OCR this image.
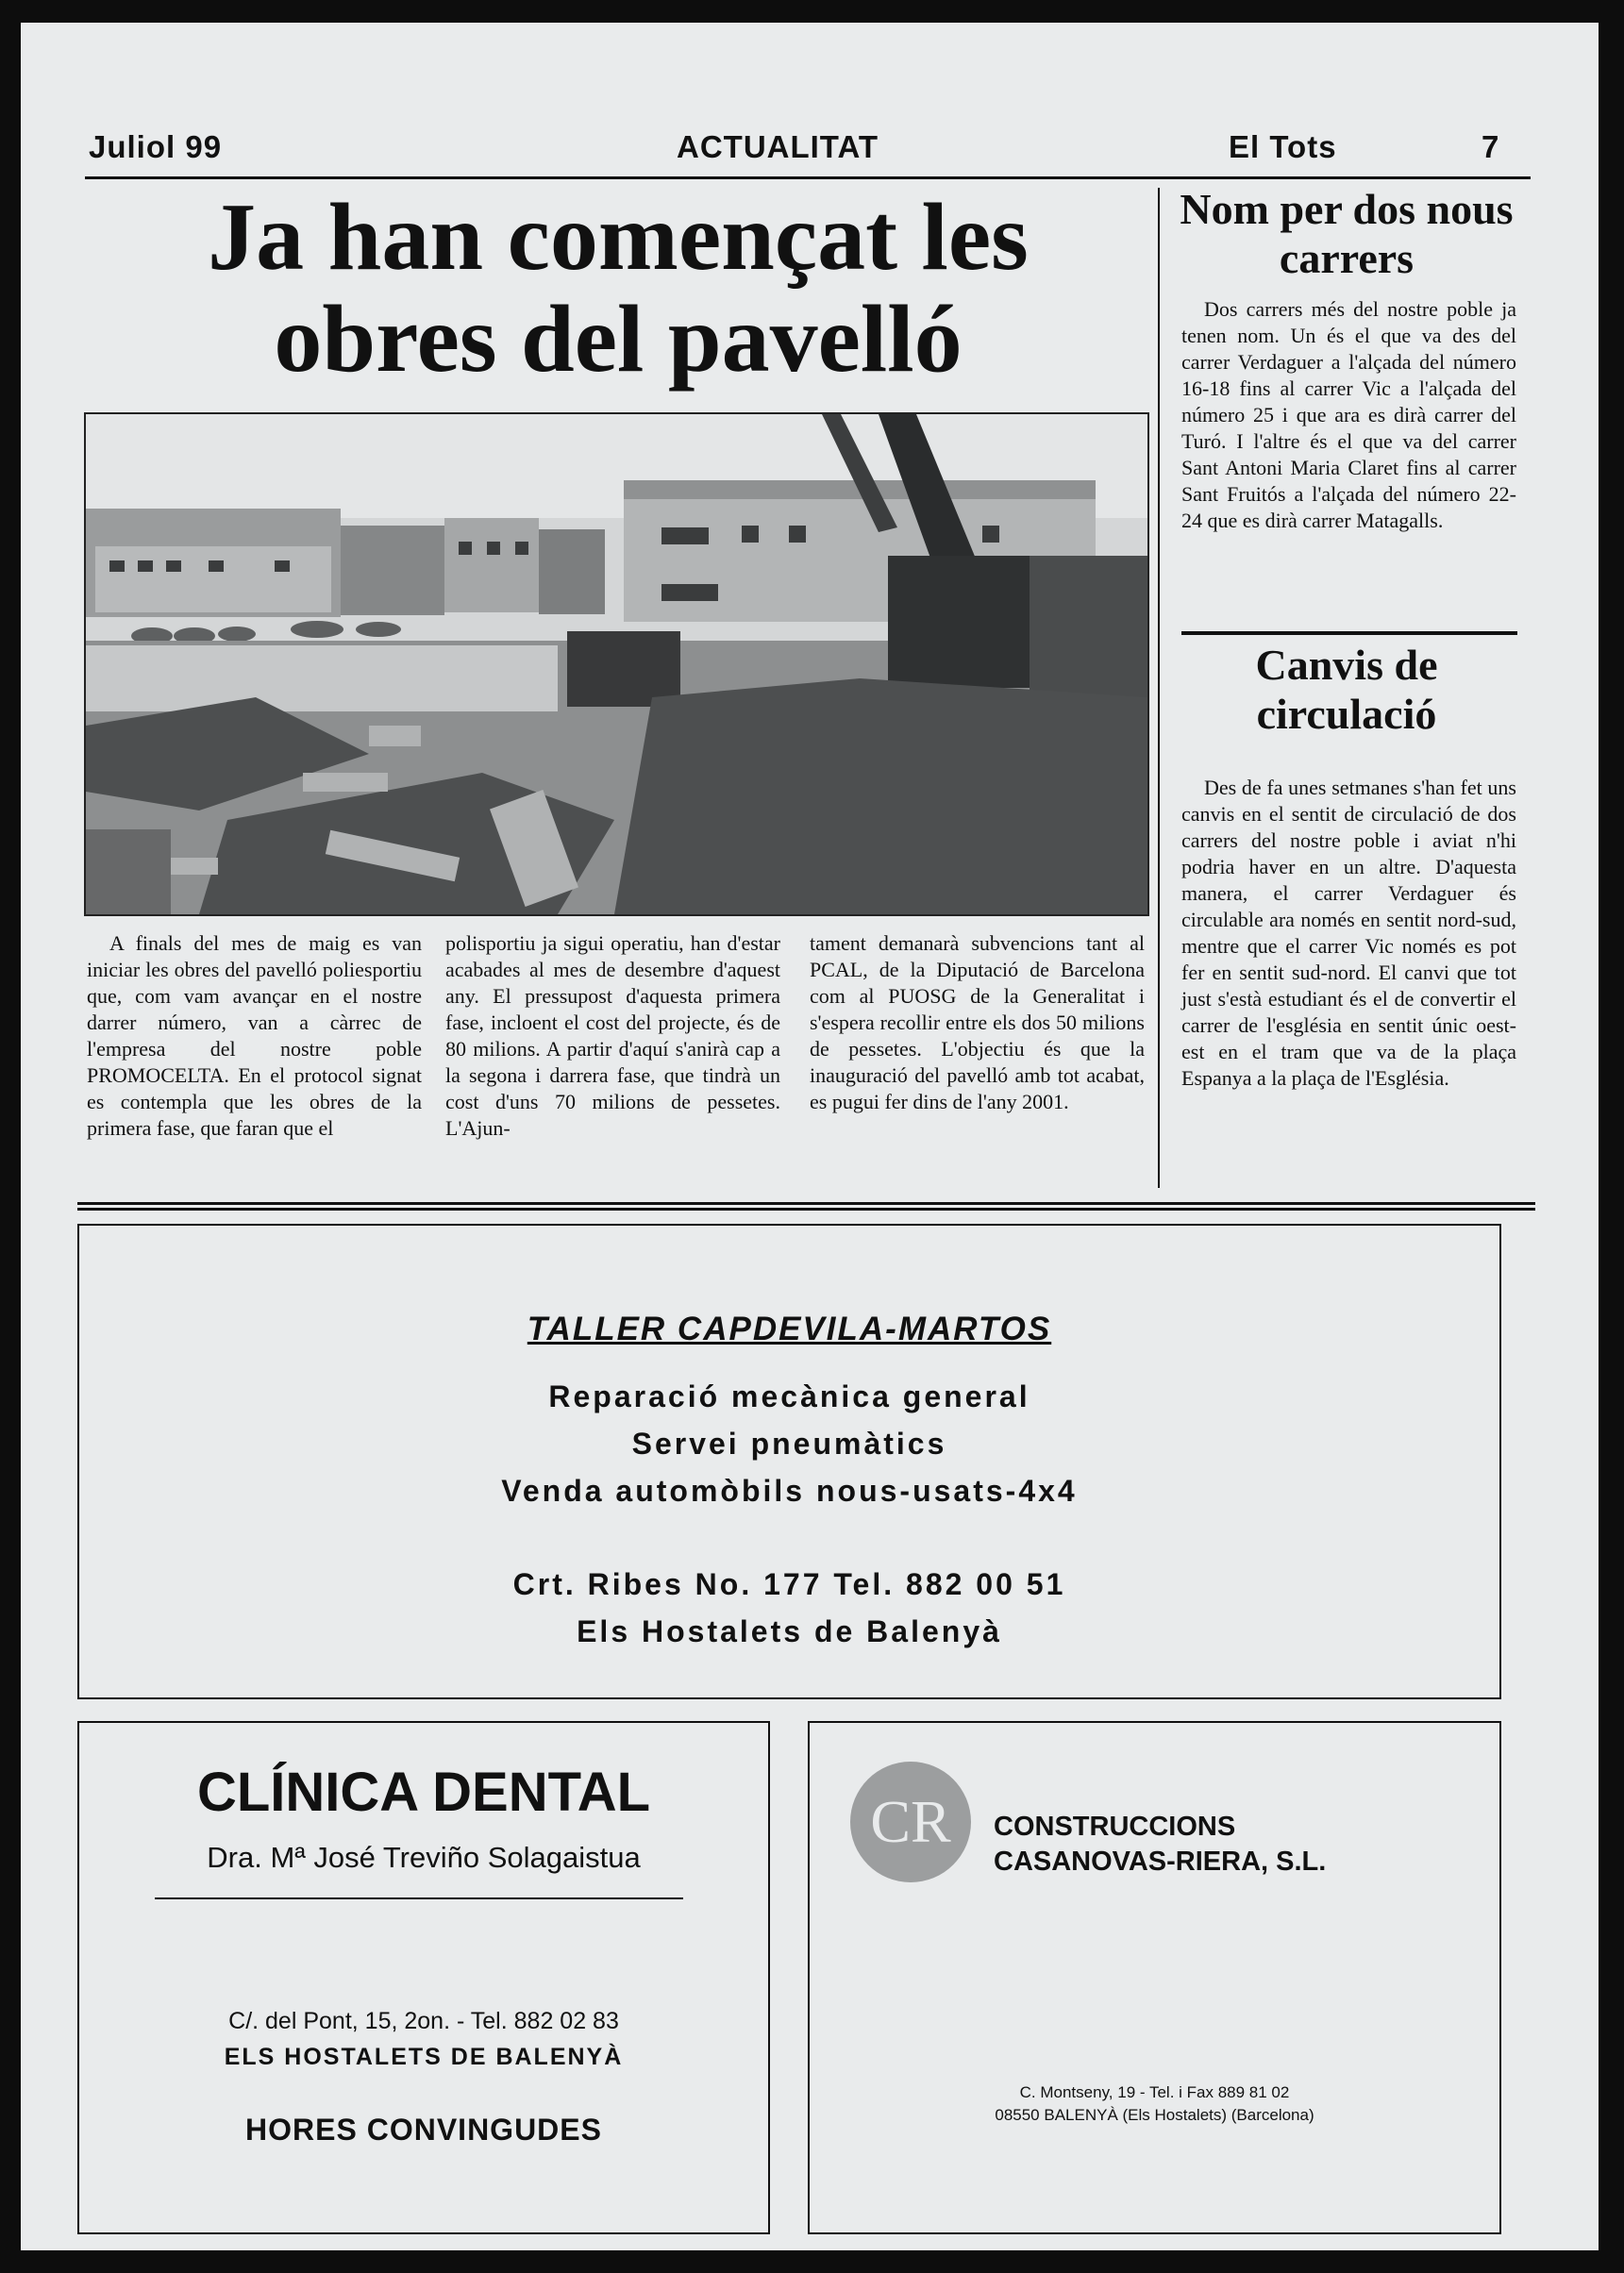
Juliol 99	ACTUALITAT	El Tots	7
Ja han començat les obres del pavelló

A finals del mes de maig es van iniciar les obres del pavelló poliesportiu que, com vam avançar en el nostre darrer número, van a càrrec de l'empresa del nostre poble PROMOCELTA. En el protocol signat es contempla que les obres de la primera fase, que faran que el

polisportiu ja sigui operatiu, han d'estar acabades al mes de desembre d'aquest any. El pressupost d'aquesta primera fase, incloent el cost del projecte, és de 80 milions. A partir d'aquí s'anirà cap a la segona i darrera fase, que tindrà un cost d'uns 70 milions de pessetes. L'Ajun-

tament demanarà subvencions tant al PCAL, de la Diputació de Barcelona com al PUOSG de la Generalitat i s'espera recollir entre els dos 50 milions de pessetes. L'objectiu és que la inauguració del pavelló amb tot acabat, es pugui fer dins de l'any 2001.

Nom per dos nous carrers

Dos carrers més del nostre poble ja tenen nom. Un és el que va des del carrer Verdaguer a l'alçada del número 16-18 fins al carrer Vic a l'alçada del número 25 i que ara es dirà carrer del Turó. I l'altre és el que va del carrer Sant Antoni Maria Claret fins al carrer Sant Fruitós a l'alçada del número 22-24 que es dirà carrer Matagalls.

Canvis de circulació

Des de fa unes setmanes s'han fet uns canvis en el sentit de circulació de dos carrers del nostre poble i aviat n'hi podria haver en un altre. D'aquesta manera, el carrer Verdaguer és circulable ara només en sentit nord-sud, mentre que el carrer Vic només es pot fer en sentit sud-nord. El canvi que tot just s'està estudiant és el de convertir el carrer de l'església en sentit únic oest-est en el tram que va de la plaça Espanya a la plaça de l'Església.

TALLER CAPDEVILA-MARTOS
Reparació mecànica general
Servei pneumàtics
Venda automòbils nous-usats-4x4
Crt. Ribes No. 177 Tel. 882 00 51
Els Hostalets de Balenyà
CLÍNICA DENTAL
Dra. Mª José Treviño Solagaistua
C/. del Pont, 15, 2on. - Tel. 882 02 83
ELS HOSTALETS DE BALENYÀ
HORES CONVINGUDES
CR CONSTRUCCIONS
CASANOVAS-RIERA, S.L.
C. Montseny, 19 - Tel. i Fax 889 81 02
08550 BALENYÀ (Els Hostalets) (Barcelona)
